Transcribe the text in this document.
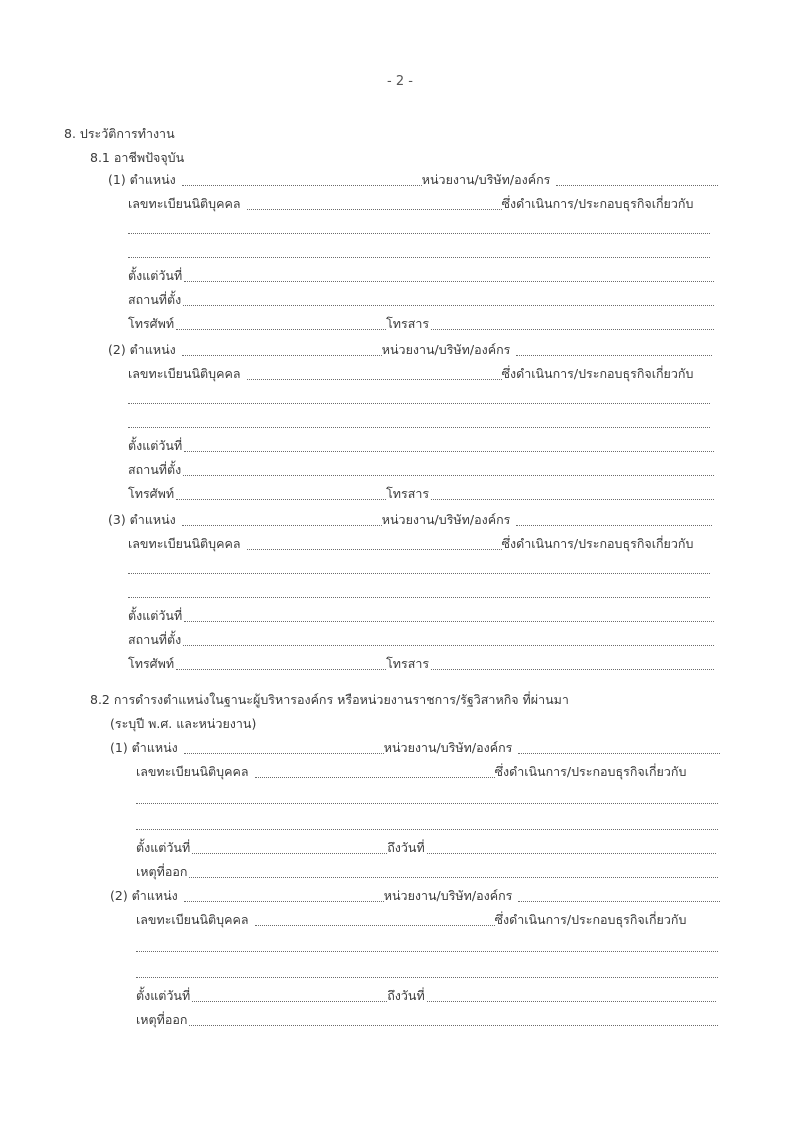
- 2 -
8. ประวัติการทำงาน
8.1 อาชีพปัจจุบัน
(1) ตำแหน่ง	หน่วยงาน/บริษัท/องค์กร
เลขทะเบียนนิติบุคคล	ซึ่งดำเนินการ/ประกอบธุรกิจเกี่ยวกับ
ตั้งแต่วันที่
สถานที่ตั้ง
โทรศัพท์	โทรสาร
(2) ตำแหน่ง	หน่วยงาน/บริษัท/องค์กร
เลขทะเบียนนิติบุคคล	ซึ่งดำเนินการ/ประกอบธุรกิจเกี่ยวกับ
ตั้งแต่วันที่
สถานที่ตั้ง
โทรศัพท์	โทรสาร
(3) ตำแหน่ง	หน่วยงาน/บริษัท/องค์กร
เลขทะเบียนนิติบุคคล	ซึ่งดำเนินการ/ประกอบธุรกิจเกี่ยวกับ
ตั้งแต่วันที่
สถานที่ตั้ง
โทรศัพท์	โทรสาร
8.2 การดำรงตำแหน่งในฐานะผู้บริหารองค์กร หรือหน่วยงานราชการ/รัฐวิสาหกิจ ที่ผ่านมา
(ระบุปี พ.ศ. และหน่วยงาน)
(1) ตำแหน่ง	หน่วยงาน/บริษัท/องค์กร
เลขทะเบียนนิติบุคคล	ซึ่งดำเนินการ/ประกอบธุรกิจเกี่ยวกับ
ตั้งแต่วันที่	ถึงวันที่
เหตุที่ออก
(2) ตำแหน่ง	หน่วยงาน/บริษัท/องค์กร
เลขทะเบียนนิติบุคคล	ซึ่งดำเนินการ/ประกอบธุรกิจเกี่ยวกับ
ตั้งแต่วันที่	ถึงวันที่
เหตุที่ออก
